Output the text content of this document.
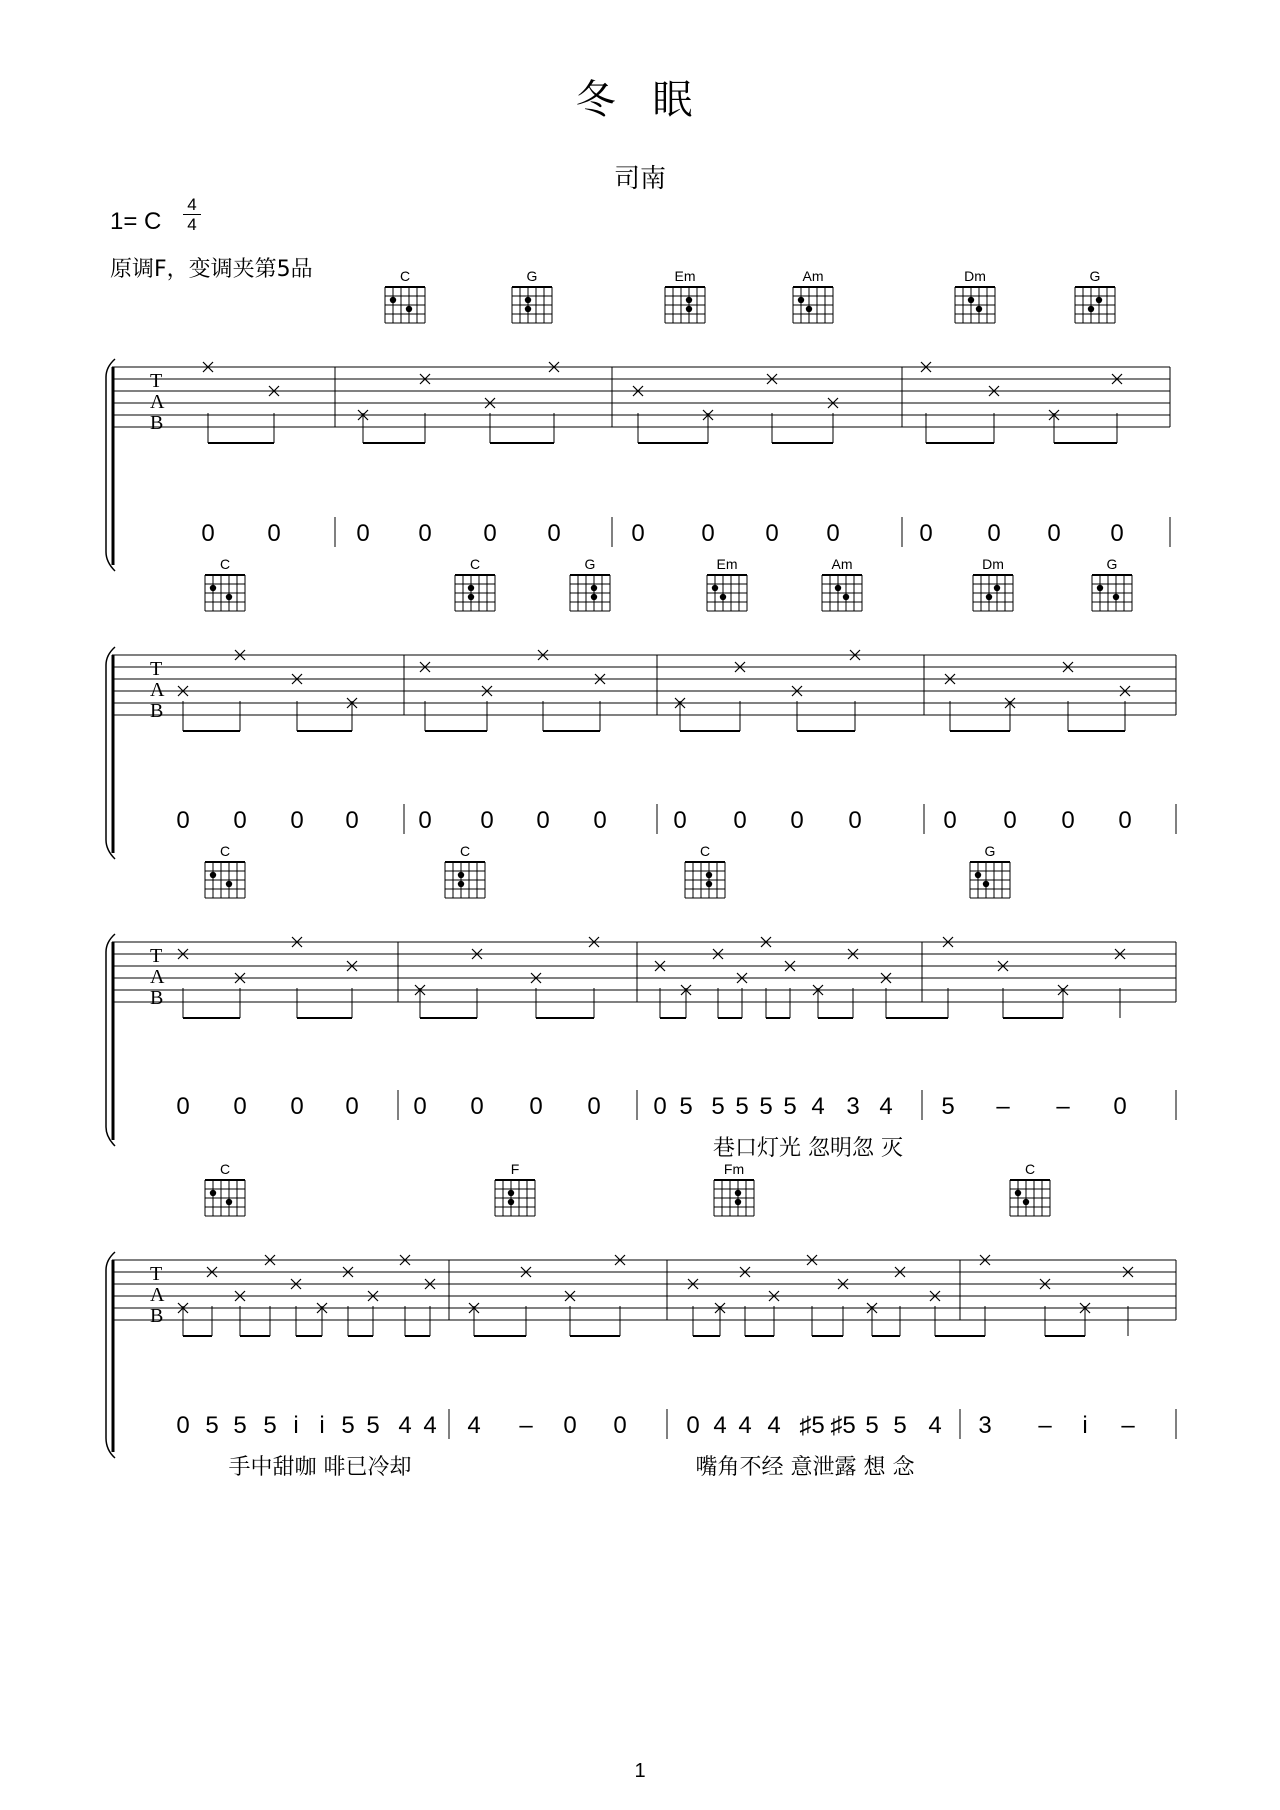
冬 眠
司南
1= C
4
4
原调F，变调夹第5品
T
A
B
C	G	Em	Am	Dm	G
0 0	0 0 0 0	0 0 0 0	0 0 0 0
T
A
B
C	C	G	Em	Am	Dm	G
0 0 0 0 0 0 0 0	0 0 0 0	0 0 0 0
T
A
B
C	C	C	G
0 0 0 0 0 0 0 0 0 5 5 5 5 5 4 3 4 5 – – 0
T
A
B
C	F	Fm	C
0 5 5 5 i i 5 5 4 4 4 – 0 0 0 4 4 4 ♯5 ♯5 5 5 4 3 – i –
巷口灯光 忽明忽 灭
手中甜咖 啡已冷却	嘴角不经 意泄露 想 念
1
